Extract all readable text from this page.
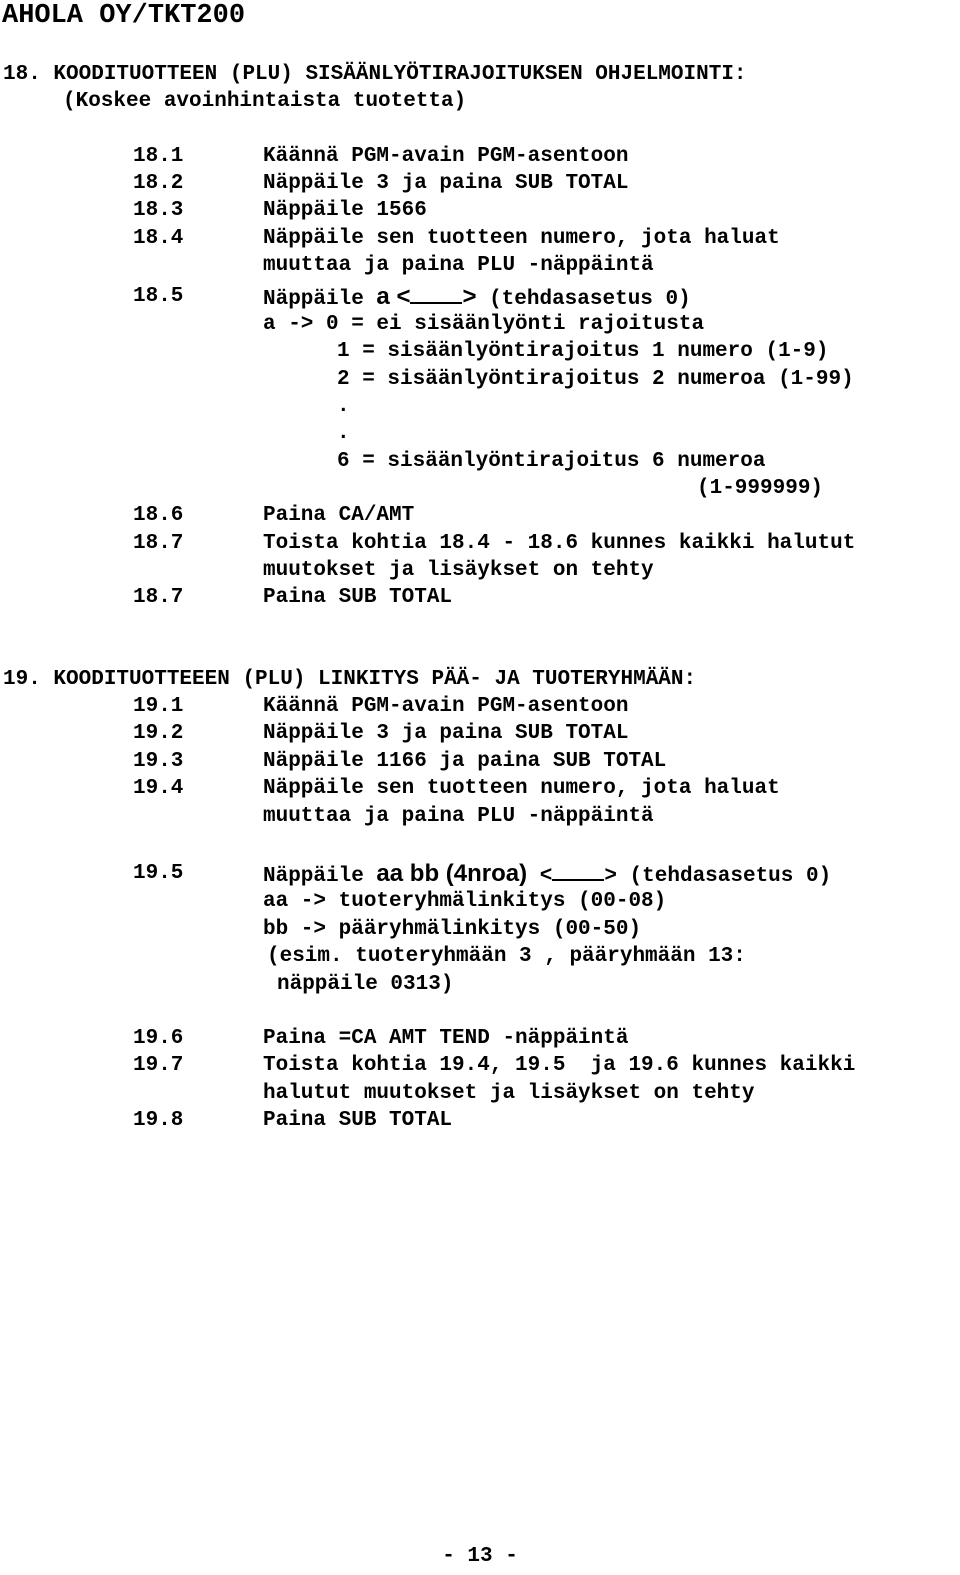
AHOLA OY/TKT200
18. KOODITUOTTEEN (PLU) SISÄÄNLYÖTIRAJOITUKSEN OHJELMOINTI:
(Koskee avoinhintaista tuotetta)
18.1	Käännä PGM-avain PGM-asentoon
18.2	Näppäile 3 ja paina SUB TOTAL
18.3	Näppäile 1566
18.4	Näppäile sen tuotteen numero, jota haluat
muuttaa ja paina PLU -näppäintä
18.5	Näppäile a < > (tehdasasetus 0)
a -> 0 = ei sisäänlyönti rajoitusta
1 = sisäänlyöntirajoitus 1 numero (1-9)
2 = sisäänlyöntirajoitus 2 numeroa (1-99)
.
.
6 = sisäänlyöntirajoitus 6 numeroa
(1-999999)
18.6	Paina CA/AMT
18.7	Toista kohtia 18.4 - 18.6 kunnes kaikki halutut
muutokset ja lisäykset on tehty
18.7	Paina SUB TOTAL
19. KOODITUOTTEEEN (PLU) LINKITYS PÄÄ- JA TUOTERYHMÄÄN:
19.1	Käännä PGM-avain PGM-asentoon
19.2	Näppäile 3 ja paina SUB TOTAL
19.3	Näppäile 1166 ja paina SUB TOTAL
19.4	Näppäile sen tuotteen numero, jota haluat
muuttaa ja paina PLU -näppäintä
19.5	Näppäile aa bb (4nroa) < > (tehdasasetus 0)
aa -> tuoteryhmälinkitys (00-08)
bb -> pääryhmälinkitys (00-50)
(esim. tuoteryhmään 3 , pääryhmään 13:
näppäile 0313)
19.6	Paina =CA AMT TEND -näppäintä
19.7	Toista kohtia 19.4, 19.5  ja 19.6 kunnes kaikki
halutut muutokset ja lisäykset on tehty
19.8	Paina SUB TOTAL
- 13 -
